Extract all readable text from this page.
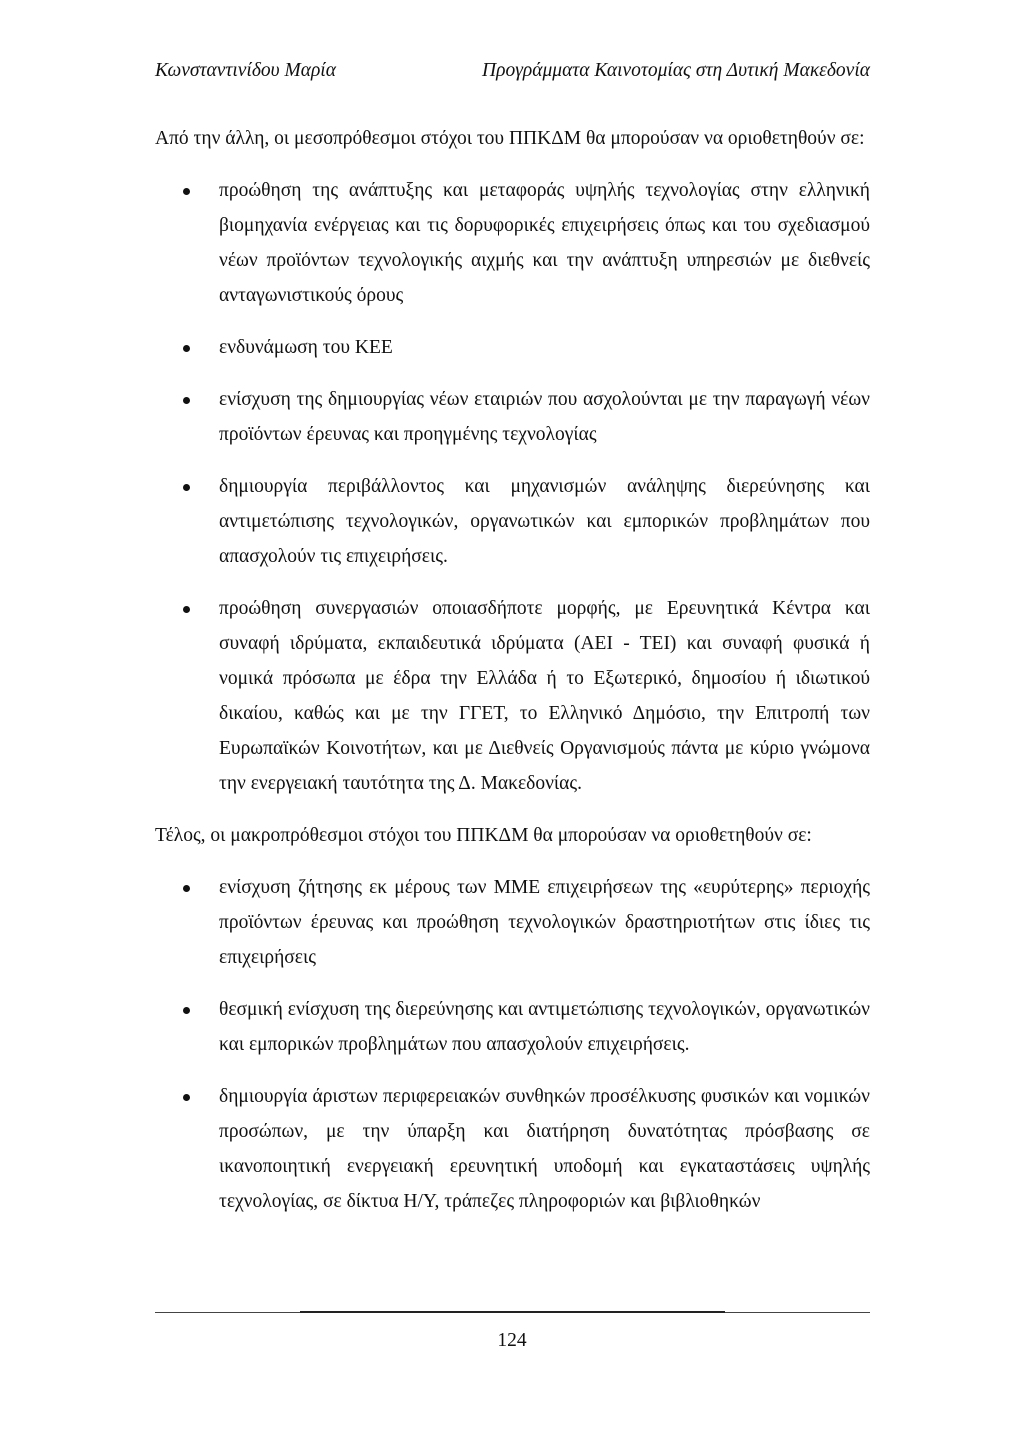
Κωνσταντινίδου Μαρία	Προγράμματα Καινοτομίας στη Δυτική Μακεδονία

Από την άλλη, οι μεσοπρόθεσμοι στόχοι του ΠΠΚΔΜ θα μπορούσαν να οριοθετηθούν σε:

προώθηση της ανάπτυξης και μεταφοράς υψηλής τεχνολογίας στην ελληνική βιομηχανία ενέργειας και τις δορυφορικές επιχειρήσεις όπως και του σχεδιασμού νέων προϊόντων τεχνολογικής αιχμής και την ανάπτυξη υπηρεσιών με διεθνείς ανταγωνιστικούς όρους
ενδυνάμωση του ΚΕΕ
ενίσχυση της δημιουργίας νέων εταιριών που ασχολούνται με την παραγωγή νέων προϊόντων έρευνας και προηγμένης τεχνολογίας
δημιουργία περιβάλλοντος και μηχανισμών ανάληψης διερεύνησης και αντιμετώπισης τεχνολογικών, οργανωτικών και εμπορικών προβλημάτων που απασχολούν τις επιχειρήσεις.
προώθηση συνεργασιών οποιασδήποτε μορφής, με Ερευνητικά Κέντρα και συναφή ιδρύματα, εκπαιδευτικά ιδρύματα (ΑΕΙ - ΤΕΙ) και συναφή φυσικά ή νομικά πρόσωπα με έδρα την Ελλάδα ή το Εξωτερικό, δημοσίου ή ιδιωτικού δικαίου, καθώς και με την ΓΓΕΤ, το Ελληνικό Δημόσιο, την Επιτροπή των Ευρωπαϊκών Κοινοτήτων, και με Διεθνείς Οργανισμούς πάντα με κύριο γνώμονα την ενεργειακή ταυτότητα της Δ. Μακεδονίας.

Τέλος, οι μακροπρόθεσμοι στόχοι του ΠΠΚΔΜ θα μπορούσαν να οριοθετηθούν σε:

ενίσχυση ζήτησης εκ μέρους των ΜΜΕ επιχειρήσεων της «ευρύτερης» περιοχής προϊόντων έρευνας και προώθηση τεχνολογικών δραστηριοτήτων στις ίδιες τις επιχειρήσεις
θεσμική ενίσχυση της διερεύνησης και αντιμετώπισης τεχνολογικών, οργανωτικών και εμπορικών προβλημάτων που απασχολούν επιχειρήσεις.
δημιουργία άριστων περιφερειακών συνθηκών προσέλκυσης φυσικών και νομικών προσώπων, με την ύπαρξη και διατήρηση δυνατότητας πρόσβασης σε ικανοποιητική ενεργειακή ερευνητική υποδομή και εγκαταστάσεις υψηλής τεχνολογίας, σε δίκτυα Η/Υ, τράπεζες πληροφοριών και βιβλιοθηκών
124
